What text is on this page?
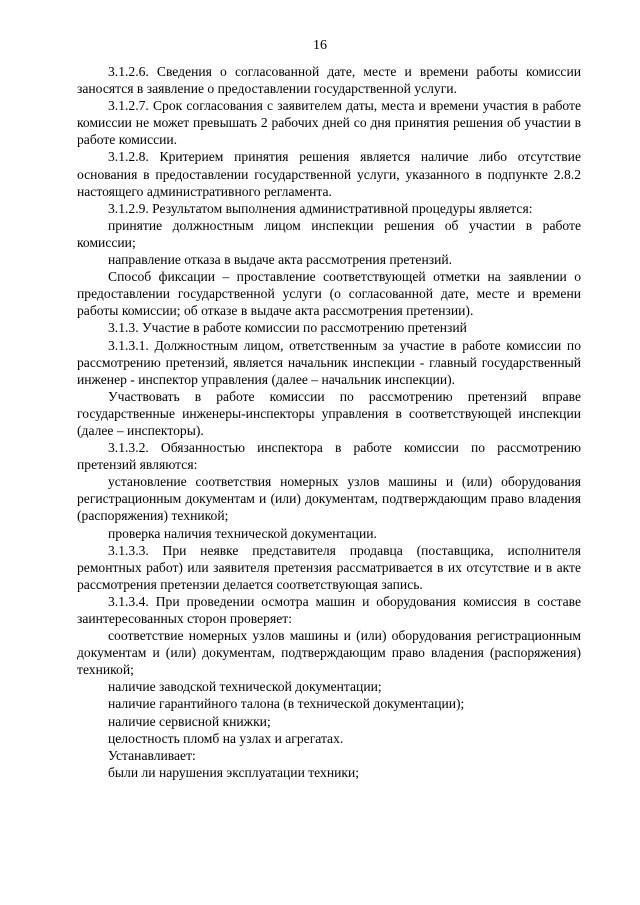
16

3.1.2.6. Сведения о согласованной дате, месте и времени работы комиссии заносятся в заявление о предоставлении государственной услуги.

3.1.2.7. Срок согласования с заявителем даты, места и времени участия в работе комиссии не может превышать 2 рабочих дней со дня принятия решения об участии в работе комиссии.

3.1.2.8. Критерием принятия решения является наличие либо отсутствие основания в предоставлении государственной услуги, указанного в подпункте 2.8.2 настоящего административного регламента.

3.1.2.9. Результатом выполнения административной процедуры является:

принятие должностным лицом инспекции решения об участии в работе комиссии;

направление отказа в выдаче акта рассмотрения претензий.

Способ фиксации – проставление соответствующей отметки на заявлении о предоставлении государственной услуги (о согласованной дате, месте и времени работы комиссии; об отказе в выдаче акта рассмотрения претензии).

3.1.3. Участие в работе комиссии по рассмотрению претензий

3.1.3.1. Должностным лицом, ответственным за участие в работе комиссии по рассмотрению претензий, является начальник инспекции - главный государственный инженер - инспектор управления (далее – начальник инспекции).

Участвовать в работе комиссии по рассмотрению претензий вправе государственные инженеры-инспекторы управления в соответствующей инспекции (далее – инспекторы).

3.1.3.2. Обязанностью инспектора в работе комиссии по рассмотрению претензий являются:

установление соответствия номерных узлов машины и (или) оборудования регистрационным документам и (или) документам, подтверждающим право владения (распоряжения) техникой;

проверка наличия технической документации.

3.1.3.3. При неявке представителя продавца (поставщика, исполнителя ремонтных работ) или заявителя претензия рассматривается в их отсутствие и в акте рассмотрения претензии делается соответствующая запись.

3.1.3.4. При проведении осмотра машин и оборудования комиссия в составе заинтересованных сторон проверяет:

соответствие номерных узлов машины и (или) оборудования регистрационным документам и (или) документам, подтверждающим право владения (распоряжения) техникой;

наличие заводской технической документации;

наличие гарантийного талона (в технической документации);

наличие сервисной книжки;

целостность пломб на узлах и агрегатах.

Устанавливает:

были ли нарушения эксплуатации техники;
